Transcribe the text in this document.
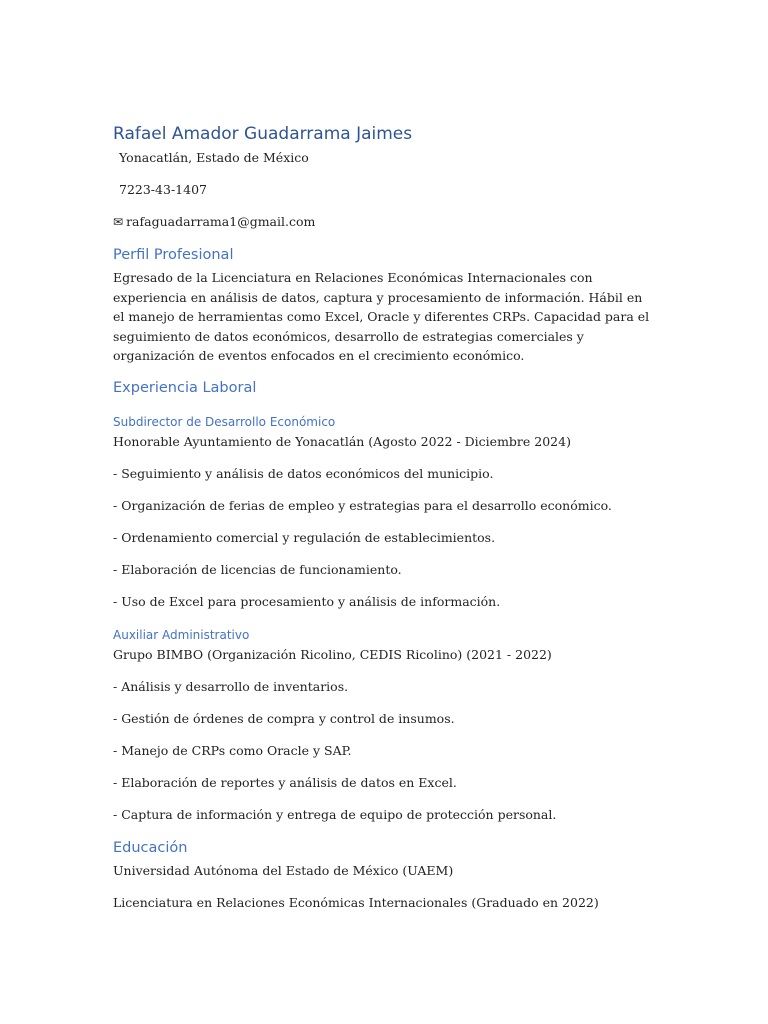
Rafael Amador Guadarrama Jaimes
Yonacatlán, Estado de México
7223-43-1407
✉ rafaguadarrama1@gmail.com
Perfil Profesional
Egresado de la Licenciatura en Relaciones Económicas Internacionales con experiencia en análisis de datos, captura y procesamiento de información. Hábil en el manejo de herramientas como Excel, Oracle y diferentes CRPs. Capacidad para el seguimiento de datos económicos, desarrollo de estrategias comerciales y organización de eventos enfocados en el crecimiento económico.
Experiencia Laboral
Subdirector de Desarrollo Económico
Honorable Ayuntamiento de Yonacatlán (Agosto 2022 - Diciembre 2024)
- Seguimiento y análisis de datos económicos del municipio.
- Organización de ferias de empleo y estrategias para el desarrollo económico.
- Ordenamiento comercial y regulación de establecimientos.
- Elaboración de licencias de funcionamiento.
- Uso de Excel para procesamiento y análisis de información.
Auxiliar Administrativo
Grupo BIMBO (Organización Ricolino, CEDIS Ricolino) (2021 - 2022)
- Análisis y desarrollo de inventarios.
- Gestión de órdenes de compra y control de insumos.
- Manejo de CRPs como Oracle y SAP.
- Elaboración de reportes y análisis de datos en Excel.
- Captura de información y entrega de equipo de protección personal.
Educación
Universidad Autónoma del Estado de México (UAEM)
Licenciatura en Relaciones Económicas Internacionales (Graduado en 2022)
